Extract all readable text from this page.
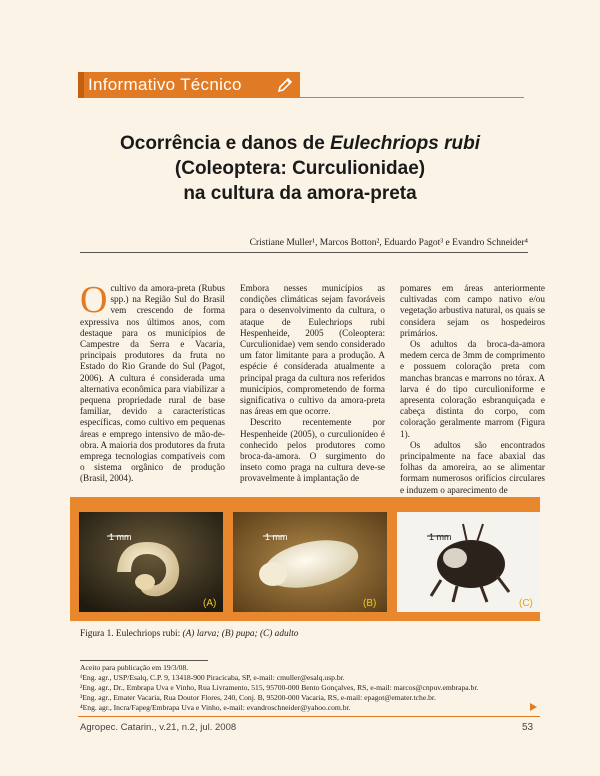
Informativo Técnico
Ocorrência e danos de Eulechriops rubi
(Coleoptera: Curculionidae)
na cultura da amora-preta
Cristiane Muller¹, Marcos Botton², Eduardo Pagot³ e Evandro Schneider⁴
O cultivo da amora-preta (Rubus spp.) na Região Sul do Brasil vem crescendo de forma expressiva nos últimos anos, com destaque para os municípios de Campestre da Serra e Vacaria, principais produtores da fruta no Estado do Rio Grande do Sul (Pagot, 2006). A cultura é considerada uma alternativa econômica para viabilizar a pequena propriedade rural de base familiar, devido a características específicas, como cultivo em pequenas áreas e emprego intensivo de mão-de-obra. A maioria dos produtores da fruta emprega tecnologias compatíveis com o sistema orgânico de produção (Brasil, 2004).

Embora nesses municípios as condições climáticas sejam favoráveis para o desenvolvimento da cultura, o ataque de Eulechriops rubi Hespenheide, 2005 (Coleoptera: Curculionidae) vem sendo considerado um fator limitante para a produção. A espécie é considerada atualmente a principal praga da cultura nos referidos municípios, comprometendo de forma significativa o cultivo da amora-preta nas áreas em que ocorre.

Descrito recentemente por Hespenheide (2005), o curculionídeo é conhecido pelos produtores como broca-da-amora. O surgimento do inseto como praga na cultura deve-se provavelmente à implantação de

pomares em áreas anteriormente cultivadas com campo nativo e/ou vegetação arbustiva natural, os quais se considera sejam os hospedeiros primários.

Os adultos da broca-da-amora medem cerca de 3mm de comprimento e possuem coloração preta com manchas brancas e marrons no tórax. A larva é do tipo curculioniforme e apresenta coloração esbranquiçada e cabeça distinta do corpo, com coloração geralmente marrom (Figura 1).

Os adultos são encontrados principalmente na face abaxial das folhas da amoreira, ao se alimentar formam numerosos orifícios circulares e induzem o aparecimento de

1 mm
(A)
1 mm
(B)
1 mm
(C)
Figura 1. Eulechriops rubi: (A) larva; (B) pupa; (C) adulto
Aceito para publicação em 19/3/08.
¹Eng. agr., USP/Esalq, C.P. 9, 13418-900 Piracicaba, SP, e-mail: cmuller@esalq.usp.br.
²Eng. agr., Dr., Embrapa Uva e Vinho, Rua Livramento, 515, 95700-000 Bento Gonçalves, RS, e-mail: marcos@cnpuv.embrapa.br.
³Eng. agr., Emater Vacaria, Rua Doutor Flores, 240, Conj. B, 95200-000 Vacaria, RS, e-mail: epagot@emater.tche.br.
⁴Eng. agr., Incra/Fapeg/Embrapa Uva e Vinho, e-mail: evandroschneider@yahoo.com.br.
Agropec. Catarin., v.21, n.2, jul. 2008	53
